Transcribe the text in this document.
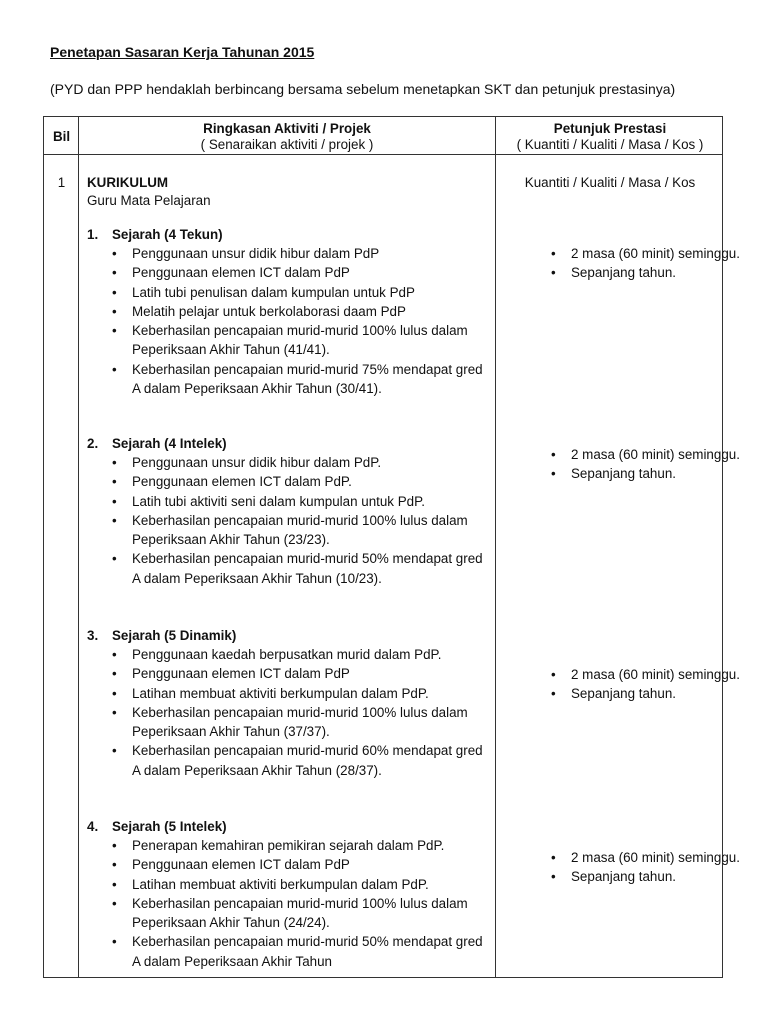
Penetapan Sasaran Kerja Tahunan 2015
(PYD dan PPP hendaklah berbincang bersama sebelum menetapkan SKT dan petunjuk prestasinya)
Bil
Ringkasan Aktiviti / Projek
( Senaraikan aktiviti / projek )
Petunjuk Prestasi
( Kuantiti / Kualiti / Masa / Kos )
1	KURIKULUM
Guru Mata Pelajaran
Kuantiti / Kualiti / Masa / Kos
1. Sejarah (4 Tekun)
• Penggunaan unsur didik hibur dalam PdP
• Penggunaan elemen ICT dalam PdP
• Latih tubi penulisan dalam kumpulan untuk PdP
• Melatih pelajar untuk berkolaborasi daam PdP
• Keberhasilan pencapaian murid-murid 100% lulus dalam Peperiksaan Akhir Tahun (41/41).
• Keberhasilan pencapaian murid-murid 75% mendapat gred A dalam Peperiksaan Akhir Tahun (30/41).
• 2 masa (60 minit) seminggu.
• Sepanjang tahun.
2. Sejarah (4 Intelek)
• Penggunaan unsur didik hibur dalam PdP.
• Penggunaan elemen ICT dalam PdP.
• Latih tubi aktiviti seni dalam kumpulan untuk PdP.
• Keberhasilan pencapaian murid-murid 100% lulus dalam Peperiksaan Akhir Tahun (23/23).
• Keberhasilan pencapaian murid-murid 50% mendapat gred A dalam Peperiksaan Akhir Tahun (10/23).
• 2 masa (60 minit) seminggu.
• Sepanjang tahun.
3. Sejarah (5 Dinamik)
• Penggunaan kaedah berpusatkan murid dalam PdP.
• Penggunaan elemen ICT dalam PdP
• Latihan membuat aktiviti berkumpulan dalam PdP.
• Keberhasilan pencapaian murid-murid 100% lulus dalam Peperiksaan Akhir Tahun (37/37).
• Keberhasilan pencapaian murid-murid 60% mendapat gred A dalam Peperiksaan Akhir Tahun (28/37).
• 2 masa (60 minit) seminggu.
• Sepanjang tahun.
4. Sejarah (5 Intelek)
• Penerapan kemahiran pemikiran sejarah dalam PdP.
• Penggunaan elemen ICT dalam PdP
• Latihan membuat aktiviti berkumpulan dalam PdP.
• Keberhasilan pencapaian murid-murid 100% lulus dalam Peperiksaan Akhir Tahun (24/24).
• Keberhasilan pencapaian murid-murid 50% mendapat gred A dalam Peperiksaan Akhir Tahun
• 2 masa (60 minit) seminggu.
• Sepanjang tahun.
